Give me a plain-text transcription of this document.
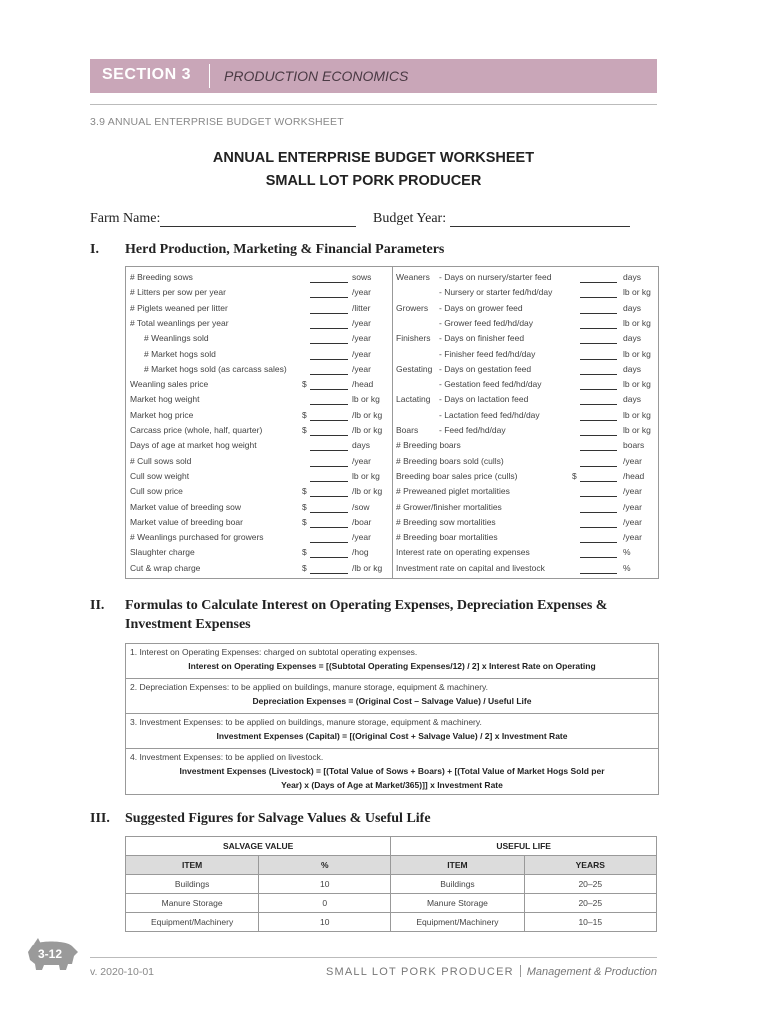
SECTION 3 PRODUCTION ECONOMICS
3.9 ANNUAL ENTERPRISE BUDGET WORKSHEET
ANNUAL ENTERPRISE BUDGET WORKSHEET
SMALL LOT PORK PRODUCER
Farm Name:	Budget Year:
I. Herd Production, Marketing & Financial Parameters
# Breeding sows	sows
# Litters per sow per year	/year
# Piglets weaned per litter	/litter
# Total weanlings per year	/year
# Weanlings sold	/year
# Market hogs sold	/year
# Market hogs sold (as carcass sales)	/year
Weanling sales price	$	/head
Market hog weight	lb or kg
Market hog price	$	/lb or kg
Carcass price (whole, half, quarter)	$	/lb or kg
Days of age at market hog weight	days
# Cull sows sold	/year
Cull sow weight	lb or kg
Cull sow price	$	/lb or kg
Market value of breeding sow	$	/sow
Market value of breeding boar	$	/boar
# Weanlings purchased for growers	/year
Slaughter charge	$	/hog
Cut & wrap charge	$	/lb or kg
Weaners - Days on nursery/starter feed	days
- Nursery or starter fed/hd/day	lb or kg
Growers - Days on grower feed	days
- Grower feed fed/hd/day	lb or kg
Finishers - Days on finisher feed	days
- Finisher feed fed/hd/day	lb or kg
Gestating - Days on gestation feed	days
- Gestation feed fed/hd/day	lb or kg
Lactating - Days on lactation feed	days
- Lactation feed fed/hd/day	lb or kg
Boars - Feed fed/hd/day	lb or kg
# Breeding boars	boars
# Breeding boars sold (culls)	/year
Breeding boar sales price (culls)	$	/head
# Preweaned piglet mortalities	/year
# Grower/finisher mortalities	/year
# Breeding sow mortalities	/year
# Breeding boar mortalities	/year
Interest rate on operating expenses	%
Investment rate on capital and livestock	%
II. Formulas to Calculate Interest on Operating Expenses, Depreciation Expenses &
Investment Expenses
1. Interest on Operating Expenses: charged on subtotal operating expenses.
Interest on Operating Expenses = [(Subtotal Operating Expenses/12) / 2] x Interest Rate on Operating
2. Depreciation Expenses: to be applied on buildings, manure storage, equipment & machinery.
Depreciation Expenses = (Original Cost – Salvage Value) / Useful Life
3. Investment Expenses: to be applied on buildings, manure storage, equipment & machinery.
Investment Expenses (Capital) = [(Original Cost + Salvage Value) / 2] x Investment Rate
4. Investment Expenses: to be applied on livestock.
Investment Expenses (Livestock) = [(Total Value of Sows + Boars) + [(Total Value of Market Hogs Sold per
Year) x (Days of Age at Market/365)]] x Investment Rate
III. Suggested Figures for Salvage Values & Useful Life
SALVAGE VALUE		USEFUL LIFE	
ITEM	%	ITEM	YEARS
Buildings	10	Buildings	20–25
Manure Storage	0	Manure Storage	20–25
Equipment/Machinery	10	Equipment/Machinery	10–15
3-12
v. 2020-10-01	SMALL LOT PORK PRODUCER Management & Production
